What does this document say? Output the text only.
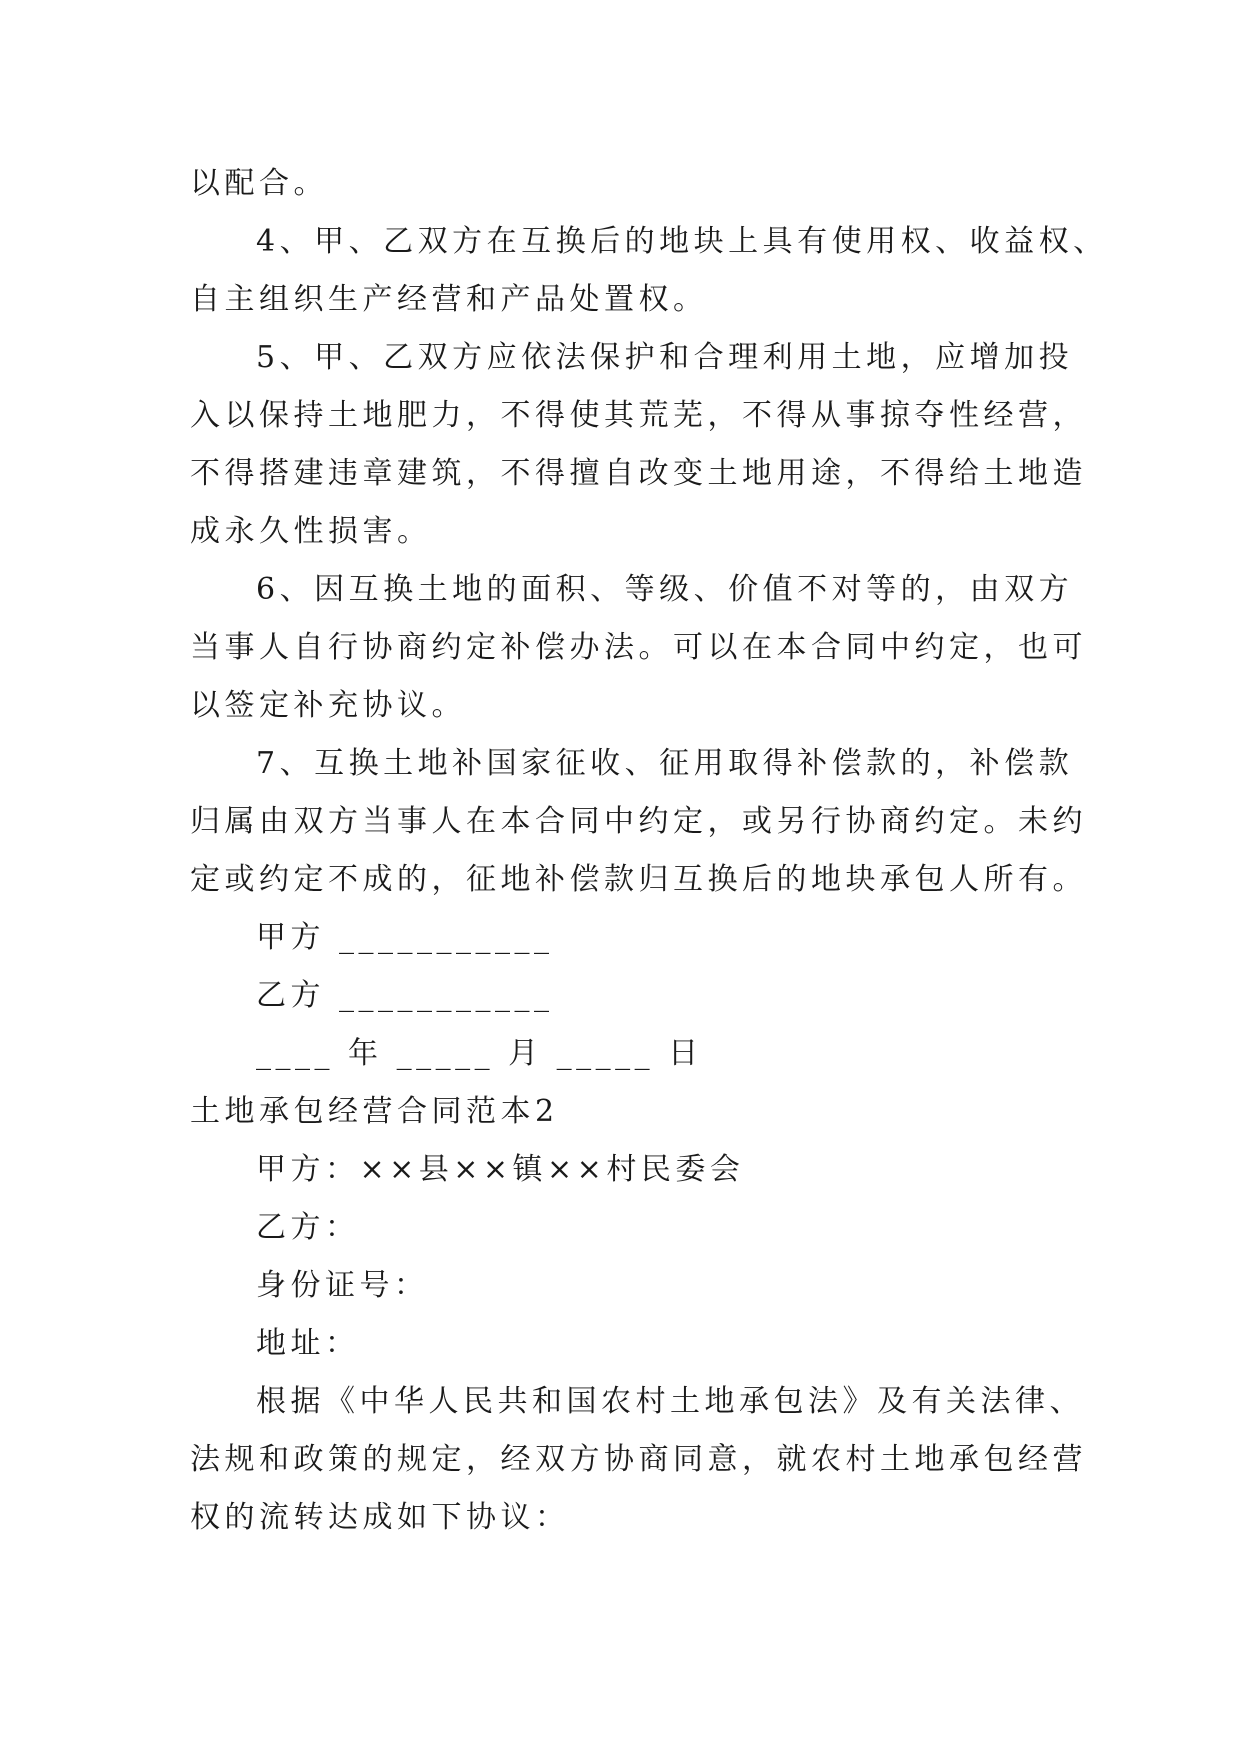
以配合。
4、甲、乙双方在互换后的地块上具有使用权、收益权、
自主组织生产经营和产品处置权。
5、甲、乙双方应依法保护和合理利用土地，应增加投
入以保持土地肥力，不得使其荒芜，不得从事掠夺性经营，
不得搭建违章建筑，不得擅自改变土地用途，不得给土地造
成永久性损害。
6、因互换土地的面积、等级、价值不对等的，由双方
当事人自行协商约定补偿办法。可以在本合同中约定，也可
以签定补充协议。
7、互换土地补国家征收、征用取得补偿款的，补偿款
归属由双方当事人在本合同中约定，或另行协商约定。未约
定或约定不成的，征地补偿款归互换后的地块承包人所有。
甲方 ___________
乙方 ___________
____ 年 _____ 月 _____ 日
土地承包经营合同范本2
甲方：××县××镇××村民委会
乙方：
身份证号：
地址：
根据《中华人民共和国农村土地承包法》及有关法律、
法规和政策的规定，经双方协商同意，就农村土地承包经营
权的流转达成如下协议：
